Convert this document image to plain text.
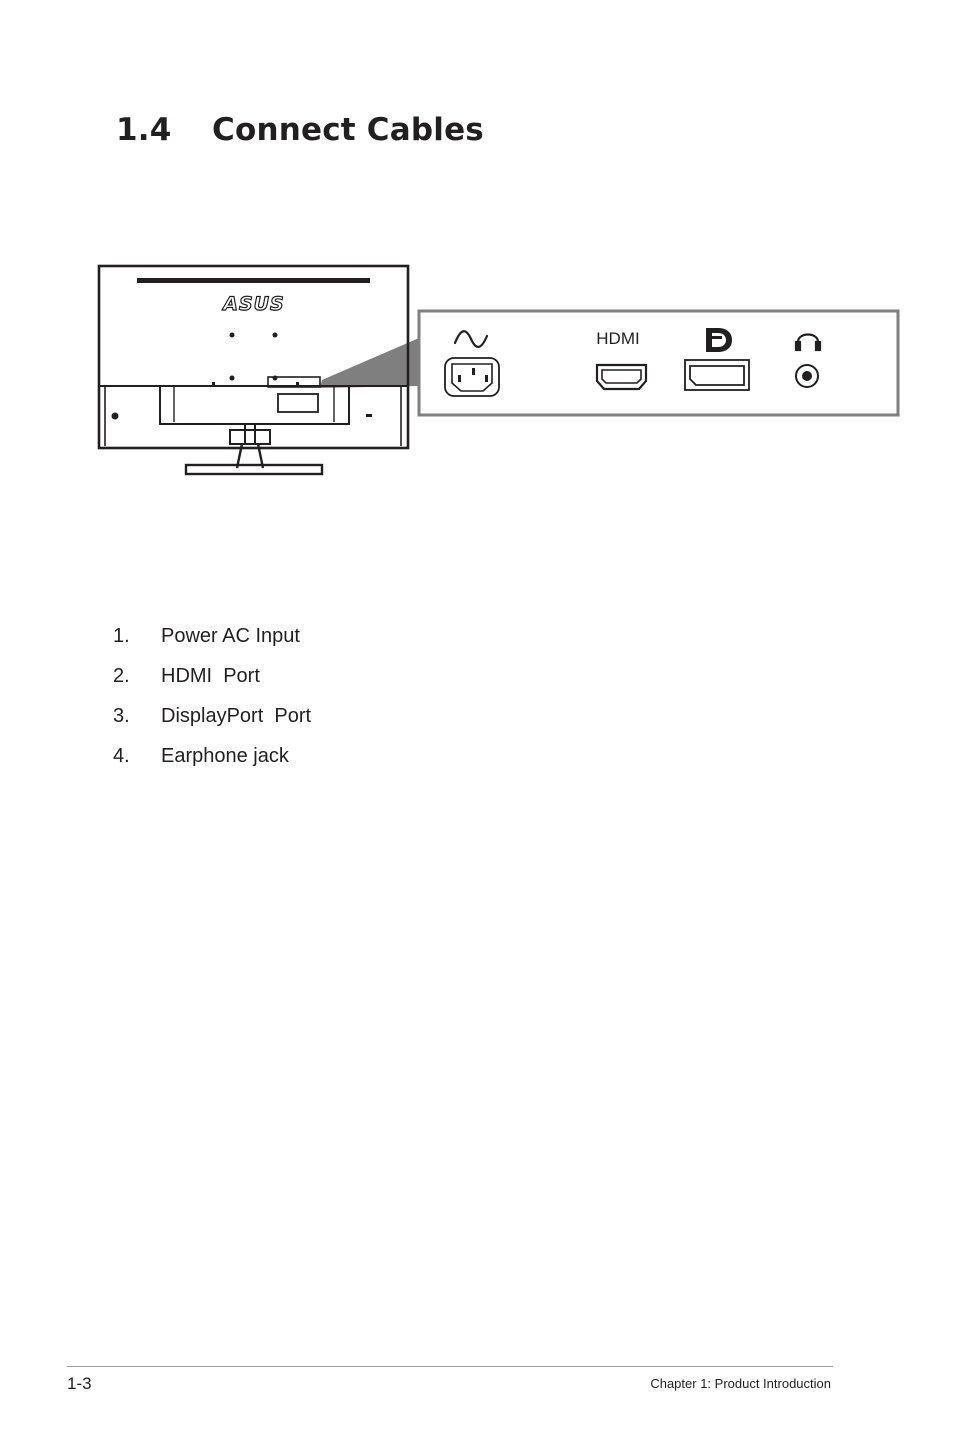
1.4 Connect Cables
ASUS
HDMI
1. Power AC Input
2. HDMI  Port
3. DisplayPort  Port
4. Earphone jack
1-3	Chapter 1: Product Introduction
